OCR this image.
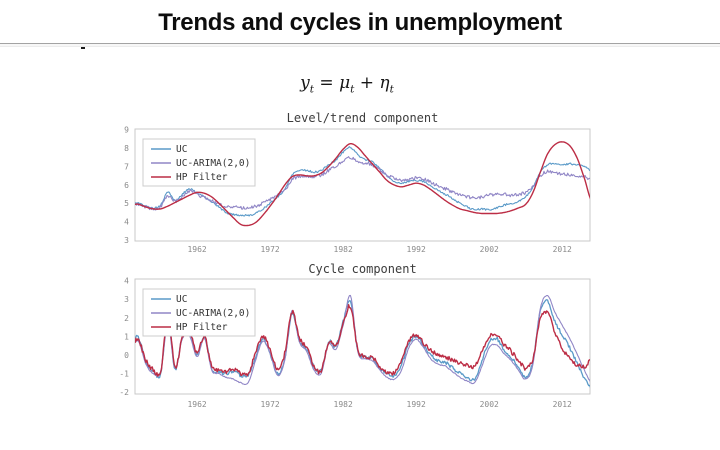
Trends and cycles in unemployment
$y_t = \mu_t + \eta_t$
Level/trend component
9
8
7
6
5
4
3
1962	1972	1982	1992	2002	2012
UC
UC-ARIMA(2,0)
HP Filter
Cycle component
4
3
2
1
0
-1
-2
1962	1972	1982	1992	2002	2012
UC
UC-ARIMA(2,0)
HP Filter
